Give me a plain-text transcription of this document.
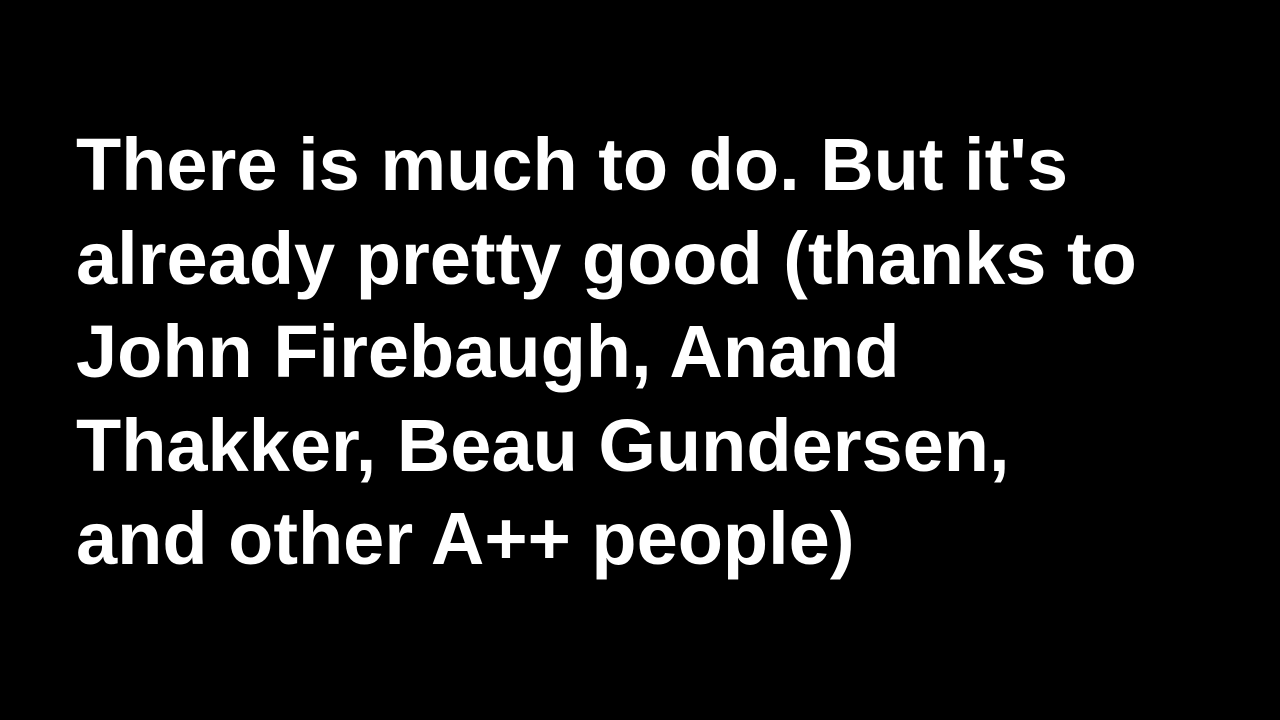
There is much to do. But it's
already pretty good (thanks to
John Firebaugh, Anand
Thakker, Beau Gundersen,
and other A++ people)
